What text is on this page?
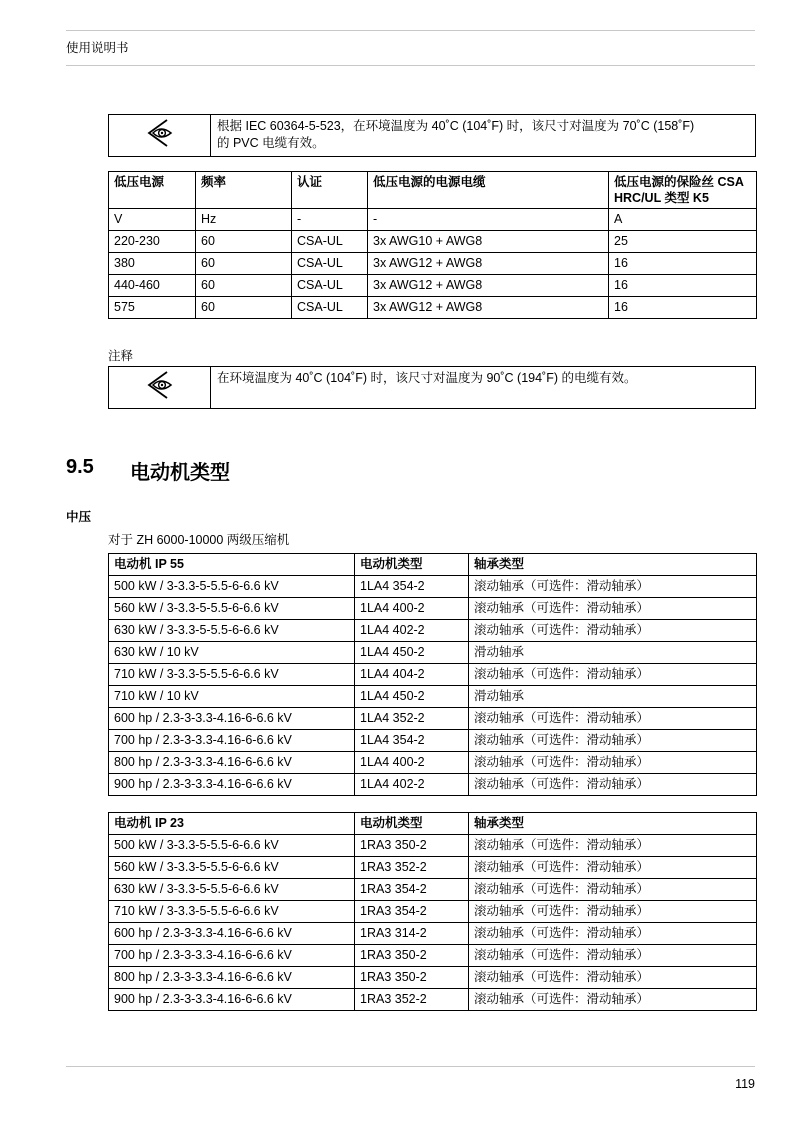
使用说明书

根据 IEC 60364-5-523，在环境温度为 40˚C (104˚F) 时，该尺寸对温度为 70˚C (158˚F)
的 PVC 电缆有效。
低压电源	频率	认证	低压电源的电源电缆	低压电源的保险丝 CSA HRC/UL 类型 K5
V	Hz	-	-	A
220-230	60	CSA-UL	3x AWG10 + AWG8	25
380	60	CSA-UL	3x AWG12 + AWG8	16
440-460	60	CSA-UL	3x AWG12 + AWG8	16
575	60	CSA-UL	3x AWG12 + AWG8	16
注释
	在环境温度为 40˚C (104˚F) 时，该尺寸对温度为 90˚C (194˚F) 的电缆有效。
9.5 电动机类型
中压
对于 ZH 6000-10000 两级压缩机
电动机 IP 55	电动机类型	轴承类型
500 kW / 3-3.3-5-5.5-6-6.6 kV	1LA4 354-2	滚动轴承（可选件：滑动轴承）
560 kW / 3-3.3-5-5.5-6-6.6 kV	1LA4 400-2	滚动轴承（可选件：滑动轴承）
630 kW / 3-3.3-5-5.5-6-6.6 kV	1LA4 402-2	滚动轴承（可选件：滑动轴承）
630 kW / 10 kV	1LA4 450-2	滑动轴承
710 kW / 3-3.3-5-5.5-6-6.6 kV	1LA4 404-2	滚动轴承（可选件：滑动轴承）
710 kW / 10 kV	1LA4 450-2	滑动轴承
600 hp / 2.3-3-3.3-4.16-6-6.6 kV	1LA4 352-2	滚动轴承（可选件：滑动轴承）
700 hp / 2.3-3-3.3-4.16-6-6.6 kV	1LA4 354-2	滚动轴承（可选件：滑动轴承）
800 hp / 2.3-3-3.3-4.16-6-6.6 kV	1LA4 400-2	滚动轴承（可选件：滑动轴承）
900 hp / 2.3-3-3.3-4.16-6-6.6 kV	1LA4 402-2	滚动轴承（可选件：滑动轴承）
电动机 IP 23	电动机类型	轴承类型
500 kW / 3-3.3-5-5.5-6-6.6 kV	1RA3 350-2	滚动轴承（可选件：滑动轴承）
560 kW / 3-3.3-5-5.5-6-6.6 kV	1RA3 352-2	滚动轴承（可选件：滑动轴承）
630 kW / 3-3.3-5-5.5-6-6.6 kV	1RA3 354-2	滚动轴承（可选件：滑动轴承）
710 kW / 3-3.3-5-5.5-6-6.6 kV	1RA3 354-2	滚动轴承（可选件：滑动轴承）
600 hp / 2.3-3-3.3-4.16-6-6.6 kV	1RA3 314-2	滚动轴承（可选件：滑动轴承）
700 hp / 2.3-3-3.3-4.16-6-6.6 kV	1RA3 350-2	滚动轴承（可选件：滑动轴承）
800 hp / 2.3-3-3.3-4.16-6-6.6 kV	1RA3 350-2	滚动轴承（可选件：滑动轴承）
900 hp / 2.3-3-3.3-4.16-6-6.6 kV	1RA3 352-2	滚动轴承（可选件：滑动轴承）
119
